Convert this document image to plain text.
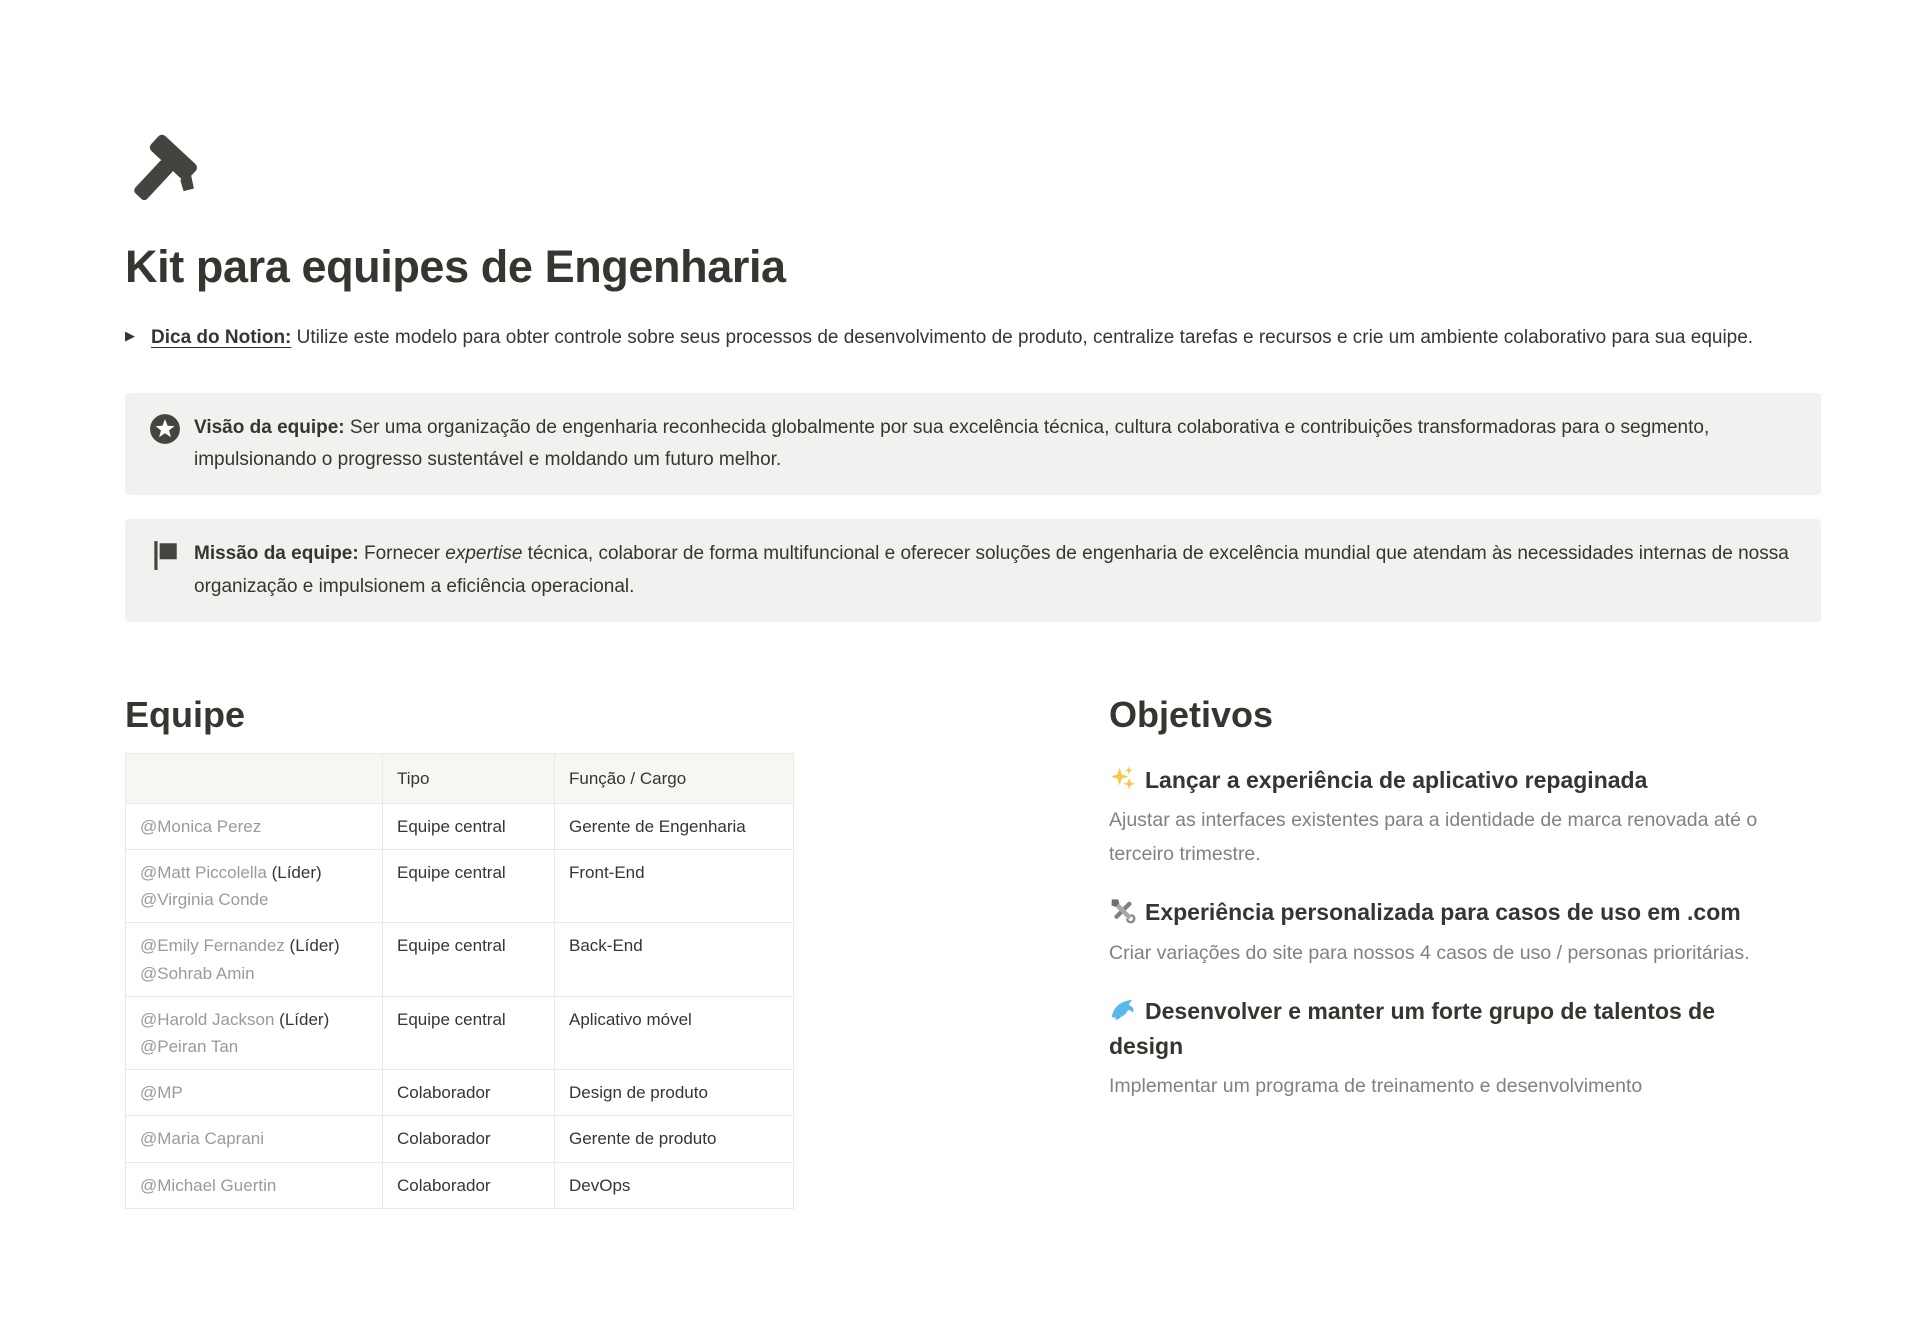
Kit para equipes de Engenharia
▶ Dica do Notion: Utilize este modelo para obter controle sobre seus processos de desenvolvimento de produto, centralize tarefas e recursos e crie um ambiente colaborativo para sua equipe.
Visão da equipe: Ser uma organização de engenharia reconhecida globalmente por sua excelência técnica, cultura colaborativa e contribuições transformadoras para o segmento, impulsionando o progresso sustentável e moldando um futuro melhor.
Missão da equipe: Fornecer expertise técnica, colaborar de forma multifuncional e oferecer soluções de engenharia de excelência mundial que atendam às necessidades internas de nossa organização e impulsionem a eficiência operacional.
Equipe
	Tipo	Função / Cargo

@Monica Perez	Equipe central	Gerente de Engenharia

@Matt Piccolella (Líder)
@Virginia Conde	Equipe central	Front-End

@Emily Fernandez (Líder)
@Sohrab Amin	Equipe central	Back-End

@Harold Jackson (Líder)
@Peiran Tan	Equipe central	Aplicativo móvel

@MP	Colaborador	Design de produto

@Maria Caprani	Colaborador	Gerente de produto

@Michael Guertin	Colaborador	DevOps
Objetivos
Lançar a experiência de aplicativo repaginada
Ajustar as interfaces existentes para a identidade de marca renovada até o terceiro trimestre.
Experiência personalizada para casos de uso em .com
Criar variações do site para nossos 4 casos de uso / personas prioritárias.
Desenvolver e manter um forte grupo de talentos de design
Implementar um programa de treinamento e desenvolvimento
